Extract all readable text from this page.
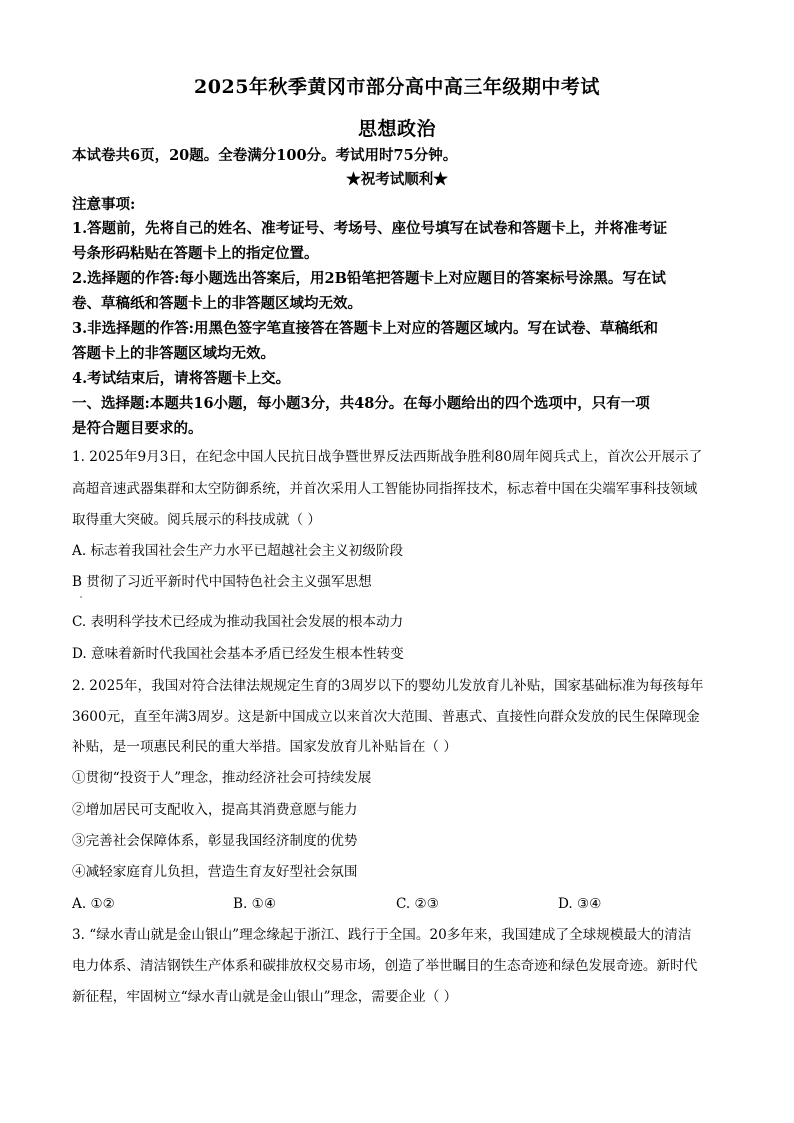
2025年秋季黄冈市部分高中高三年级期中考试
思想政治
本试卷共6页，20题。全卷满分100分。考试用时75分钟。
★祝考试顺利★
注意事项:
1.答题前，先将自己的姓名、准考证号、考场号、座位号填写在试卷和答题卡上，并将准考证
号条形码粘贴在答题卡上的指定位置。
2.选择题的作答:每小题选出答案后，用2B铅笔把答题卡上对应题目的答案标号涂黑。写在试
卷、草稿纸和答题卡上的非答题区域均无效。
3.非选择题的作答:用黑色签字笔直接答在答题卡上对应的答题区域内。写在试卷、草稿纸和
答题卡上的非答题区域均无效。
4.考试结束后，请将答题卡上交。
一、选择题:本题共16小题，每小题3分，共48分。在每小题给出的四个选项中，只有一项
是符合题目要求的。
1. 2025年9月3日，在纪念中国人民抗日战争暨世界反法西斯战争胜利80周年阅兵式上，首次公开展示了
高超音速武器集群和太空防御系统，并首次采用人工智能协同指挥技术，标志着中国在尖端军事科技领域
取得重大突破。阅兵展示的科技成就（ ）
A. 标志着我国社会生产力水平已超越社会主义初级阶段
B 贯彻了习近平新时代中国特色社会主义强军思想
C. 表明科学技术已经成为推动我国社会发展的根本动力
D. 意味着新时代我国社会基本矛盾已经发生根本性转变
2. 2025年，我国对符合法律法规规定生育的3周岁以下的婴幼儿发放育儿补贴，国家基础标准为每孩每年
3600元，直至年满3周岁。这是新中国成立以来首次大范围、普惠式、直接性向群众发放的民生保障现金
补贴，是一项惠民利民的重大举措。国家发放育儿补贴旨在（ ）
①贯彻“投资于人”理念，推动经济社会可持续发展
②增加居民可支配收入，提高其消费意愿与能力
③完善社会保障体系，彰显我国经济制度的优势
④减轻家庭育儿负担，营造生育友好型社会氛围
A. ①②	B. ①④	C. ②③	D. ③④
3. “绿水青山就是金山银山”理念缘起于浙江、践行于全国。20多年来，我国建成了全球规模最大的清洁
电力体系、清洁钢铁生产体系和碳排放权交易市场，创造了举世瞩目的生态奇迹和绿色发展奇迹。新时代
新征程，牢固树立“绿水青山就是金山银山”理念，需要企业（ ）
